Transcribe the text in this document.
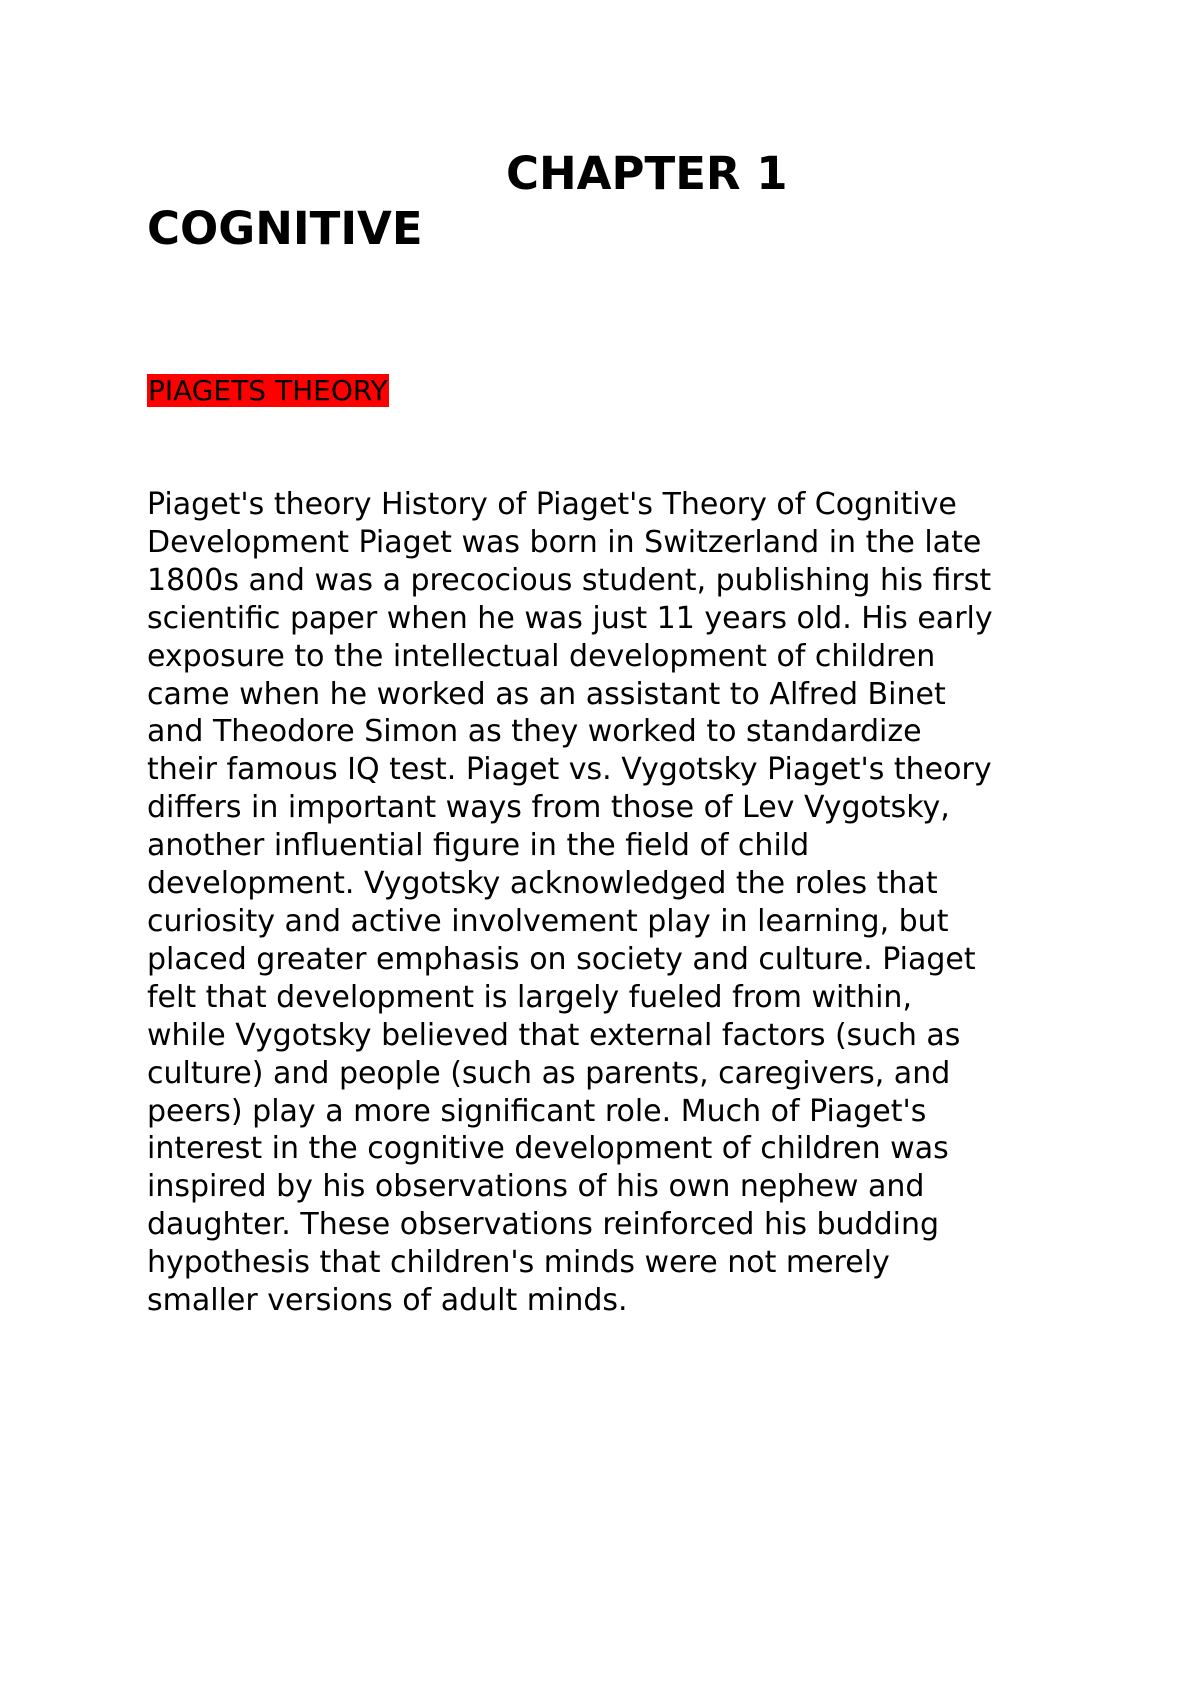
CHAPTER 1
COGNITIVE
PIAGETS THEORY

Piaget's theory History of Piaget's Theory of Cognitive
Development Piaget was born in Switzerland in the late
1800s and was a precocious student, publishing his first
scientific paper when he was just 11 years old. His early
exposure to the intellectual development of children
came when he worked as an assistant to Alfred Binet
and Theodore Simon as they worked to standardize
their famous IQ test. Piaget vs. Vygotsky Piaget's theory
differs in important ways from those of Lev Vygotsky,
another influential figure in the field of child
development. Vygotsky acknowledged the roles that
curiosity and active involvement play in learning, but
placed greater emphasis on society and culture. Piaget
felt that development is largely fueled from within,
while Vygotsky believed that external factors (such as
culture) and people (such as parents, caregivers, and
peers) play a more significant role. Much of Piaget's
interest in the cognitive development of children was
inspired by his observations of his own nephew and
daughter. These observations reinforced his budding
hypothesis that children's minds were not merely
smaller versions of adult minds.
